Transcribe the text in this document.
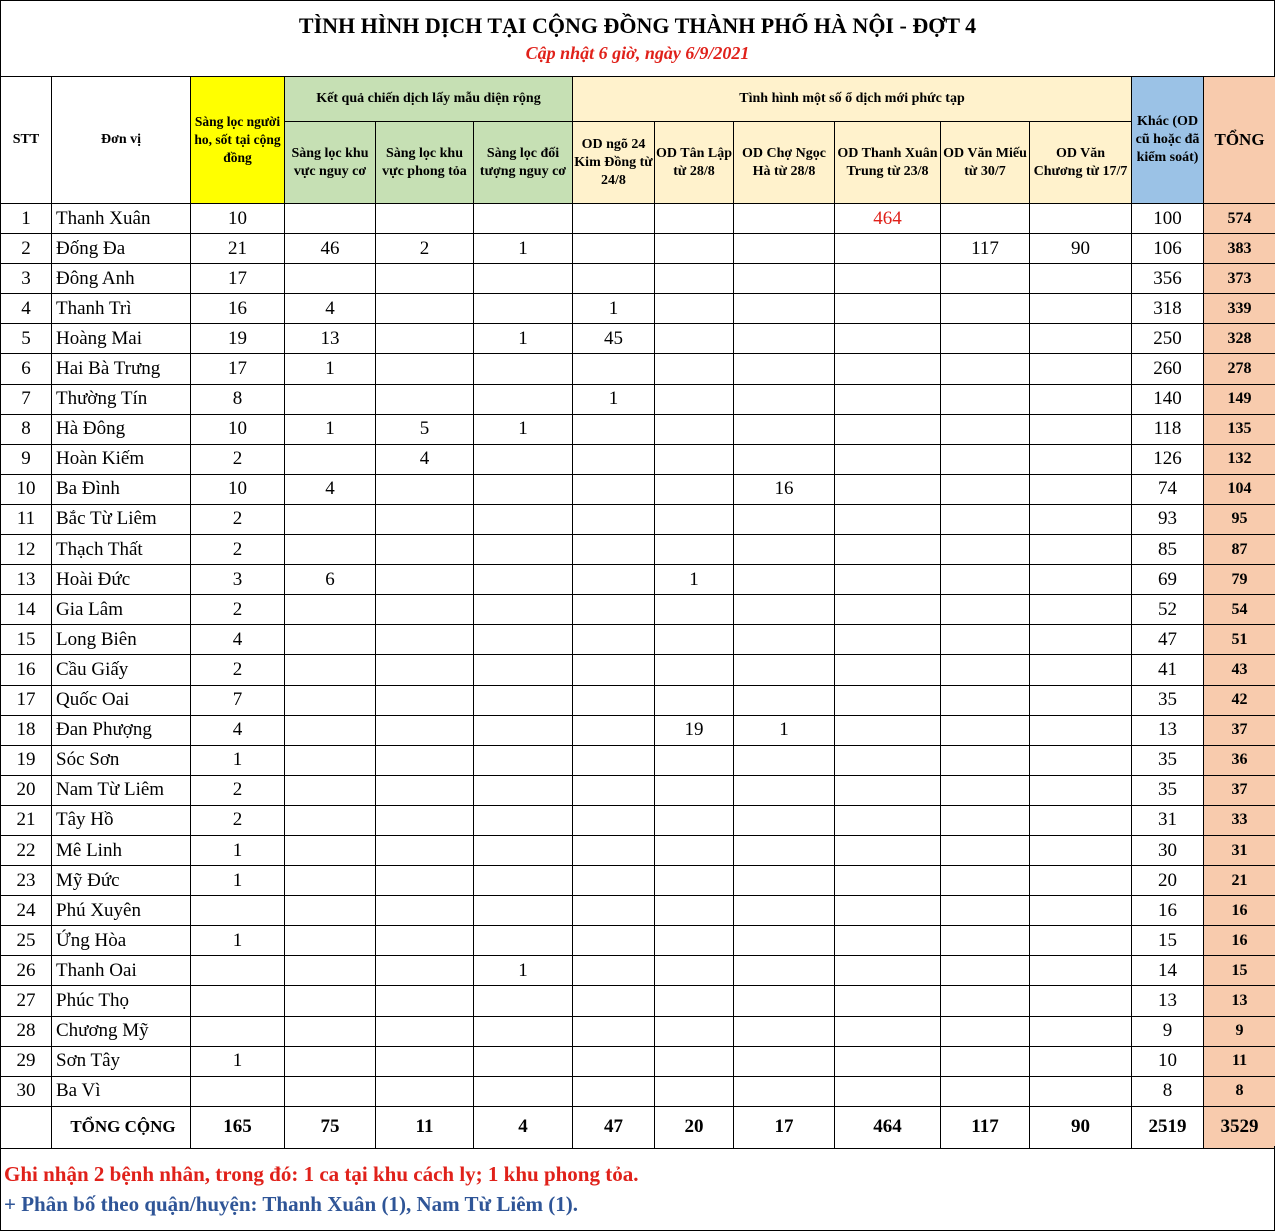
TÌNH HÌNH DỊCH TẠI CỘNG ĐỒNG THÀNH PHỐ HÀ NỘI - ĐỢT 4
Cập nhật 6 giờ, ngày 6/9/2021
STT	Đơn vị	Sàng lọc người ho, sốt tại cộng đồng	Kết quả chiến dịch lấy mẫu diện rộng			Tình hình một số ổ dịch mới phức tạp						Khác (OD cũ hoặc đã kiểm soát)	TỔNG
			Sàng lọc khu vực nguy cơ	Sàng lọc khu vực phong tỏa	Sàng lọc đối tượng nguy cơ	OD ngõ 24 Kim Đồng từ 24/8	OD Tân Lập từ 28/8	OD Chợ Ngọc Hà từ 28/8	OD Thanh Xuân Trung từ 23/8	OD Văn Miếu từ 30/7	OD Văn Chương từ 17/7		
1	Thanh Xuân	10							464			100	574
2	Đống Đa	21	46	2	1					117	90	106	383
3	Đông Anh	17										356	373
4	Thanh Trì	16	4			1						318	339
5	Hoàng Mai	19	13		1	45						250	328
6	Hai Bà Trưng	17	1									260	278
7	Thường Tín	8				1						140	149
8	Hà Đông	10	1	5	1							118	135
9	Hoàn Kiếm	2		4								126	132
10	Ba Đình	10	4					16				74	104
11	Bắc Từ Liêm	2										93	95
12	Thạch Thất	2										85	87
13	Hoài Đức	3	6				1					69	79
14	Gia Lâm	2										52	54
15	Long Biên	4										47	51
16	Cầu Giấy	2										41	43
17	Quốc Oai	7										35	42
18	Đan Phượng	4					19	1				13	37
19	Sóc Sơn	1										35	36
20	Nam Từ Liêm	2										35	37
21	Tây Hồ	2										31	33
22	Mê Linh	1										30	31
23	Mỹ Đức	1										20	21
24	Phú Xuyên											16	16
25	Ứng Hòa	1										15	16
26	Thanh Oai				1							14	15
27	Phúc Thọ											13	13
28	Chương Mỹ											9	9
29	Sơn Tây	1										10	11
30	Ba Vì											8	8
	TỔNG CỘNG	165	75	11	4	47	20	17	464	117	90	2519	3529
Ghi nhận 2 bệnh nhân, trong đó: 1 ca tại khu cách ly; 1 khu phong tỏa.
+ Phân bố theo quận/huyện: Thanh Xuân (1), Nam Từ Liêm (1).
